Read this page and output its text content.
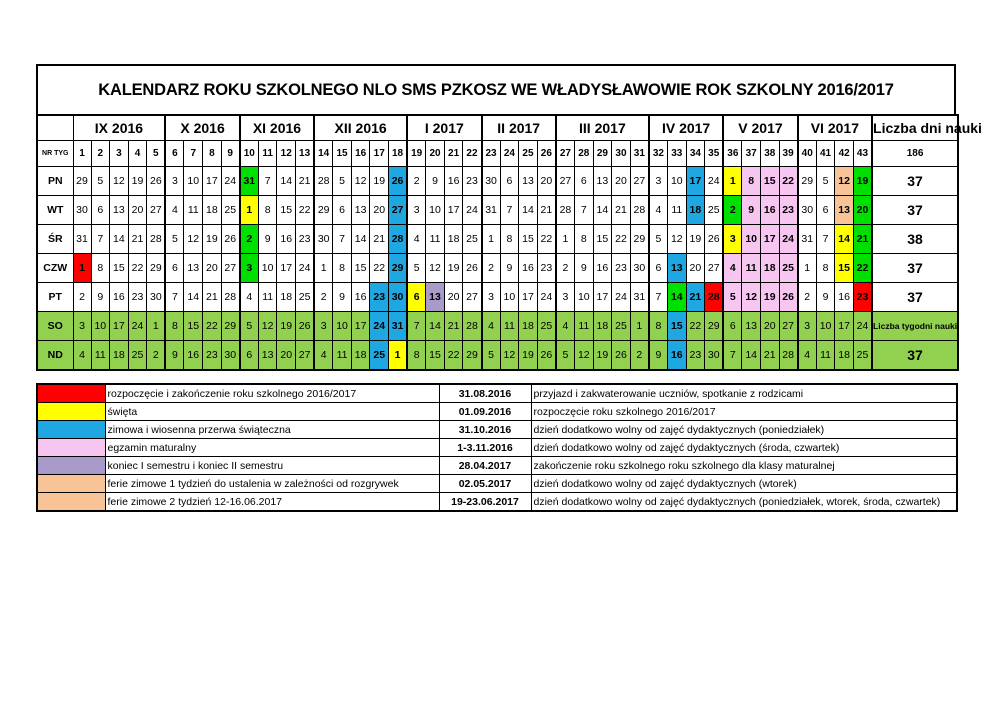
KALENDARZ ROKU SZKOLNEGO NLO SMS PZKOSZ WE WŁADYSŁAWOWIE ROK SZKOLNY 2016/2017
	IX 2016					X 2016				XI 2016				XII 2016					I 2017				II 2017				III 2017					IV 2017				V 2017				VI 2017				Liczba dni nauki
NR TYG	1	2	3	4	5	6	7	8	9	10	11	12	13	14	15	16	17	18	19	20	21	22	23	24	25	26	27	28	29	30	31	32	33	34	35	36	37	38	39	40	41	42	43	186
PN	29	5	12	19	26	3	10	17	24	31	7	14	21	28	5	12	19	26	2	9	16	23	30	6	13	20	27	6	13	20	27	3	10	17	24	1	8	15	22	29	5	12	19	37
WT	30	6	13	20	27	4	11	18	25	1	8	15	22	29	6	13	20	27	3	10	17	24	31	7	14	21	28	7	14	21	28	4	11	18	25	2	9	16	23	30	6	13	20	37
ŚR	31	7	14	21	28	5	12	19	26	2	9	16	23	30	7	14	21	28	4	11	18	25	1	8	15	22	1	8	15	22	29	5	12	19	26	3	10	17	24	31	7	14	21	38
CZW	1	8	15	22	29	6	13	20	27	3	10	17	24	1	8	15	22	29	5	12	19	26	2	9	16	23	2	9	16	23	30	6	13	20	27	4	11	18	25	1	8	15	22	37
PT	2	9	16	23	30	7	14	21	28	4	11	18	25	2	9	16	23	30	6	13	20	27	3	10	17	24	3	10	17	24	31	7	14	21	28	5	12	19	26	2	9	16	23	37
SO	3	10	17	24	1	8	15	22	29	5	12	19	26	3	10	17	24	31	7	14	21	28	4	11	18	25	4	11	18	25	1	8	15	22	29	6	13	20	27	3	10	17	24	Liczba tygodni nauki
ND	4	11	18	25	2	9	16	23	30	6	13	20	27	4	11	18	25	1	8	15	22	29	5	12	19	26	5	12	19	26	2	9	16	23	30	7	14	21	28	4	11	18	25	37
	rozpoczęcie i zakończenie roku szkolnego 2016/2017	31.08.2016	przyjazd i zakwaterowanie uczniów, spotkanie z rodzicami
	święta	01.09.2016	rozpoczęcie roku szkolnego 2016/2017
	zimowa i wiosenna przerwa świąteczna	31.10.2016	dzień dodatkowo wolny od zajęć dydaktycznych (poniedziałek)
	egzamin maturalny	1-3.11.2016	dzień dodatkowo wolny od zajęć dydaktycznych (środa, czwartek)
	koniec I semestru i koniec II semestru	28.04.2017	zakończenie roku szkolnego roku szkolnego dla klasy maturalnej
	ferie zimowe 1 tydzień do ustalenia w zależności od rozgrywek	02.05.2017	dzień dodatkowo wolny od zajęć dydaktycznych (wtorek)
	ferie zimowe 2 tydzień 12-16.06.2017	19-23.06.2017	dzień dodatkowo wolny od zajęć dydaktycznych (poniedziałek, wtorek, środa, czwartek)
